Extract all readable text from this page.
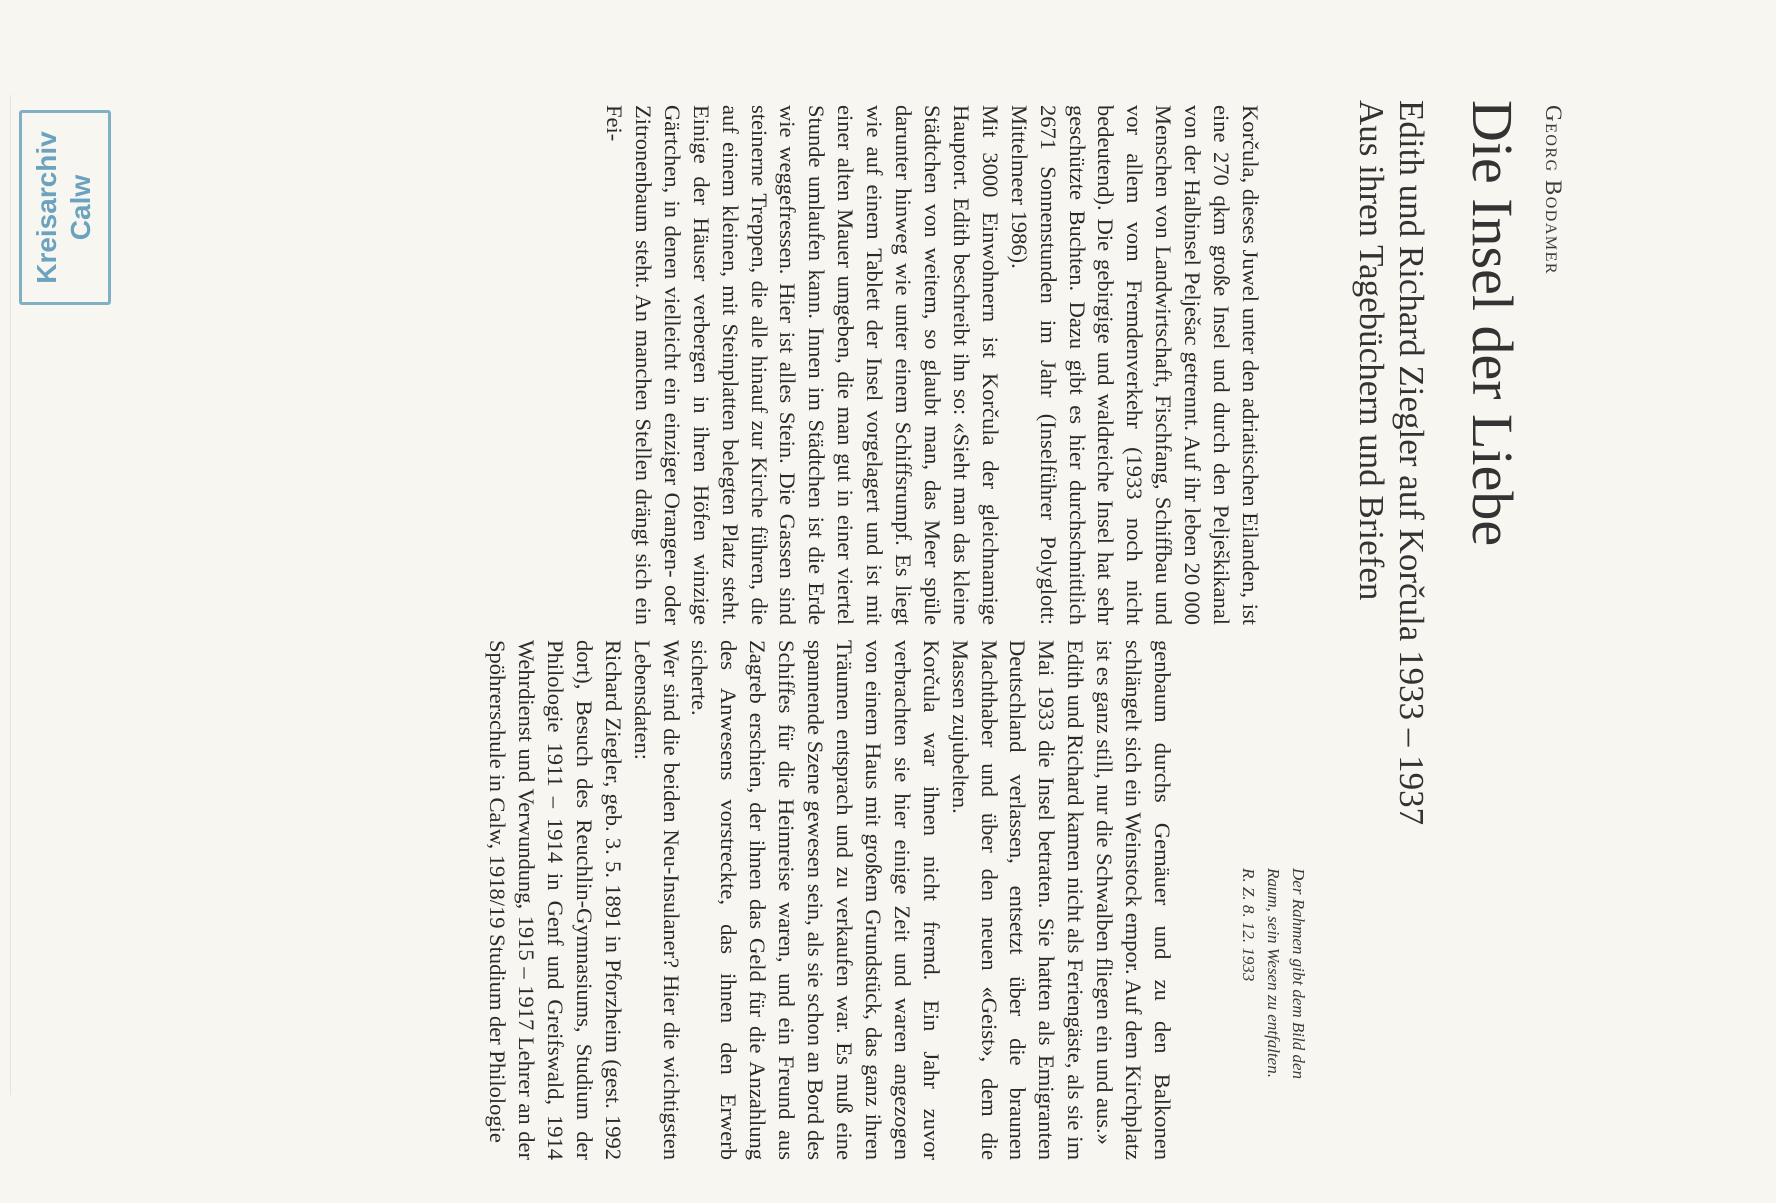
Georg Bodamer
Die Insel der Liebe
Edith und Richard Ziegler auf Korčula 1933 – 1937
Aus ihren Tagebüchern und Briefen
Der Rahmen gibt dem Bild den Raum, sein Wesen zu entfalten.
R. Z. 8. 12. 1933

Korčula, dieses Juwel unter den adriatischen Eilanden, ist eine 270 qkm große Insel und durch den Pelješkikanal von der Halbinsel Pelješac getrennt. Auf ihr leben 20 000 Menschen von Landwirtschaft, Fischfang, Schiffbau und vor allem vom Fremdenverkehr (1933 noch nicht bedeutend). Die gebirgige und waldreiche Insel hat sehr geschützte Buchten. Dazu gibt es hier durchschnittlich 2671 Sonnenstunden im Jahr (Inselführer Polyglott: Mittelmeer 1986).

Mit 3000 Einwohnern ist Korčula der gleichnamige Hauptort. Edith beschreibt ihn so: «Sieht man das kleine Städtchen von weitem, so glaubt man, das Meer spüle darunter hinweg wie unter einem Schiffsrumpf. Es liegt wie auf einem Tablett der Insel vorgelagert und ist mit einer alten Mauer umgeben, die man gut in einer viertel Stunde umlaufen kann. Innen im Städtchen ist die Erde wie weggefressen. Hier ist alles Stein. Die Gassen sind steinerne Treppen, die alle hinauf zur Kirche führen, die auf einem kleinen, mit Steinplatten belegten Platz steht. Einige der Häuser verbergen in ihren Höfen winzige Gärtchen, in denen vielleicht ein einziger Orangen- oder Zitronenbaum steht. An manchen Stellen drängt sich ein Fei-

genbaum durchs Gemäuer und zu den Balkonen schlängelt sich ein Weinstock empor. Auf dem Kirchplatz ist es ganz still, nur die Schwalben fliegen ein und aus.»

Edith und Richard kamen nicht als Feriengäste, als sie im Mai 1933 die Insel betraten. Sie hatten als Emigranten Deutschland verlassen, entsetzt über die braunen Machthaber und über den neuen «Geist», dem die Massen zujubelten.

Korčula war ihnen nicht fremd. Ein Jahr zuvor verbrachten sie hier einige Zeit und waren angezogen von einem Haus mit großem Grundstück, das ganz ihren Träumen entsprach und zu verkaufen war. Es muß eine spannende Szene gewesen sein, als sie schon an Bord des Schiffes für die Heimreise waren, und ein Freund aus Zagreb erschien, der ihnen das Geld für die Anzahlung des Anwesens vorstreckte, das ihnen den Erwerb sicherte.

Wer sind die beiden Neu-Insulaner? Hier die wichtigsten Lebensdaten:

Richard Ziegler, geb. 3. 5. 1891 in Pforzheim (gest. 1992 dort), Besuch des Reuchlin-Gymnasiums, Studium der Philologie 1911 – 1914 in Genf und Greifswald, 1914 Wehrdienst und Verwundung, 1915 – 1917 Lehrer an der Spöhrerschule in Calw, 1918/19 Studium der Philologie

Kreisarchiv Calw
